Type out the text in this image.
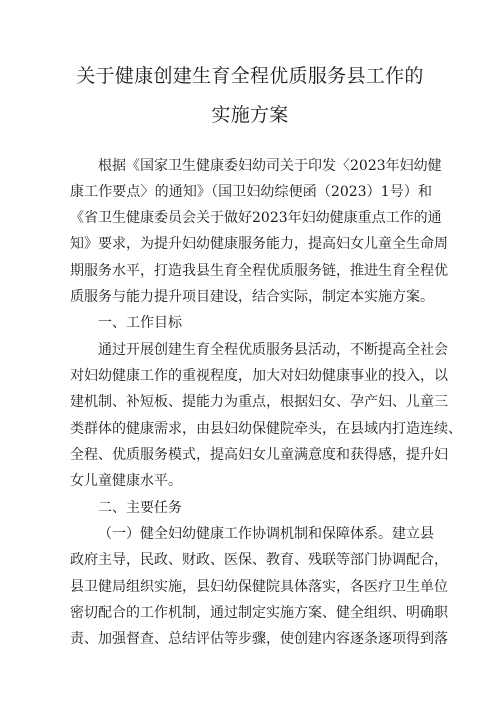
关于健康创建生育全程优质服务县工作的
实施方案
根据《国家卫生健康委妇幼司关于印发〈2023年妇幼健
康工作要点〉的通知》（国卫妇幼综便函（2023）1号）和
《省卫生健康委员会关于做好2023年妇幼健康重点工作的通
知》要求，为提升妇幼健康服务能力，提高妇女儿童全生命周
期服务水平，打造我县生育全程优质服务链，推进生育全程优
质服务与能力提升项目建设，结合实际，制定本实施方案。
一、工作目标
通过开展创建生育全程优质服务县活动，不断提高全社会
对妇幼健康工作的重视程度，加大对妇幼健康事业的投入，以
建机制、补短板、提能力为重点，根据妇女、孕产妇、儿童三
类群体的健康需求，由县妇幼保健院牵头，在县域内打造连续、
全程、优质服务模式，提高妇女儿童满意度和获得感，提升妇
女儿童健康水平。
二、主要任务
（一）健全妇幼健康工作协调机制和保障体系。建立县
政府主导，民政、财政、医保、教育、残联等部门协调配合，
县卫健局组织实施，县妇幼保健院具体落实，各医疗卫生单位
密切配合的工作机制，通过制定实施方案、健全组织、明确职
责、加强督查、总结评估等步骤，使创建内容逐条逐项得到落
